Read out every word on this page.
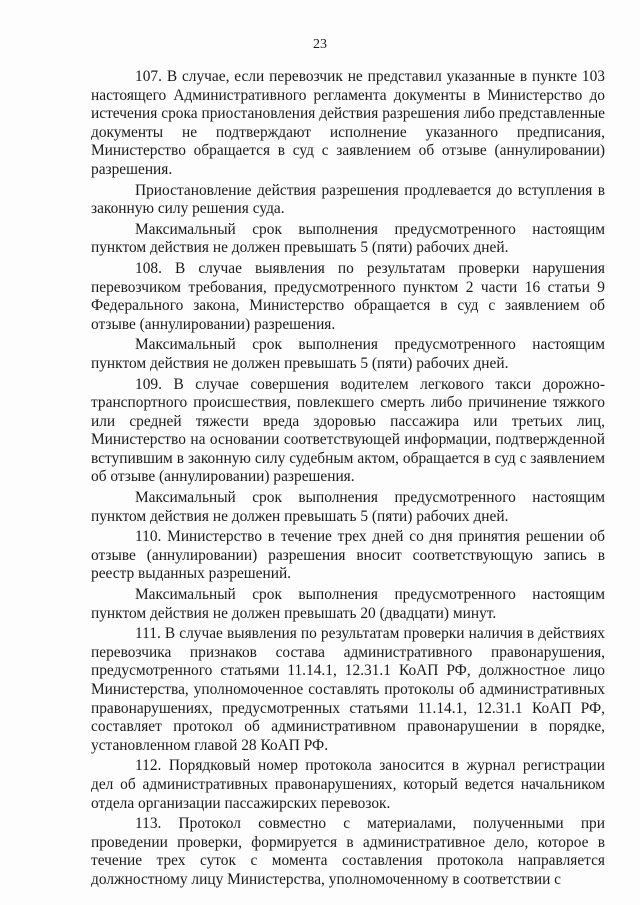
23

107. В случае, если перевозчик не представил указанные в пункте 103 настоящего Административного регламента документы в Министерство до истечения срока приостановления действия разрешения либо представленные документы не подтверждают исполнение указанного предписания, Министерство обращается в суд с заявлением об отзыве (аннулировании) разрешения.

Приостановление действия разрешения продлевается до вступления в законную силу решения суда.

Максимальный срок выполнения предусмотренного настоящим пунктом действия не должен превышать 5 (пяти) рабочих дней.

108. В случае выявления по результатам проверки нарушения перевозчиком требования, предусмотренного пунктом 2 части 16 статьи 9 Федерального закона, Министерство обращается в суд с заявлением об отзыве (аннулировании) разрешения.

Максимальный срок выполнения предусмотренного настоящим пунктом действия не должен превышать 5 (пяти) рабочих дней.

109. В случае совершения водителем легкового такси дорожно-транспортного происшествия, повлекшего смерть либо причинение тяжкого или средней тяжести вреда здоровью пассажира или третьих лиц, Министерство на основании соответствующей информации, подтвержденной вступившим в законную силу судебным актом, обращается в суд с заявлением об отзыве (аннулировании) разрешения.

Максимальный срок выполнения предусмотренного настоящим пунктом действия не должен превышать 5 (пяти) рабочих дней.

110. Министерство в течение трех дней со дня принятия решении об отзыве (аннулировании) разрешения вносит соответствующую запись в реестр выданных разрешений.

Максимальный срок выполнения предусмотренного настоящим пунктом действия не должен превышать 20 (двадцати) минут.

111. В случае выявления по результатам проверки наличия в действиях перевозчика признаков состава административного правонарушения, предусмотренного статьями 11.14.1, 12.31.1 КоАП РФ, должностное лицо Министерства, уполномоченное составлять протоколы об административных правонарушениях, предусмотренных статьями 11.14.1, 12.31.1 КоАП РФ, составляет протокол об административном правонарушении в порядке, установленном главой 28 КоАП РФ.

112. Порядковый номер протокола заносится в журнал регистрации дел об административных правонарушениях, который ведется начальником отдела организации пассажирских перевозок.

113. Протокол совместно с материалами, полученными при проведении проверки, формируется в административное дело, которое в течение трех суток с момента составления протокола направляется должностному лицу Министерства, уполномоченному в соответствии с
